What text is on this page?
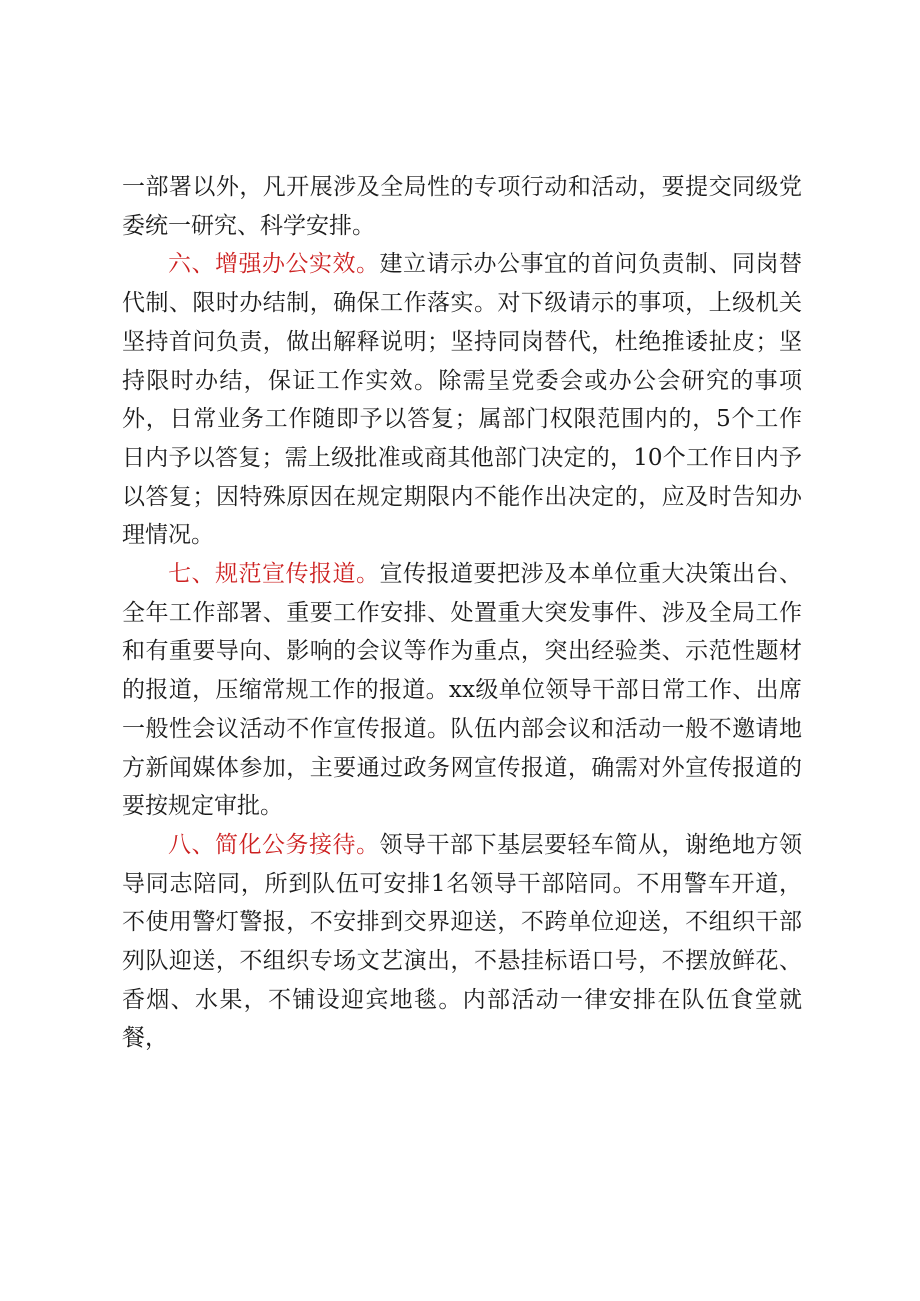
一部署以外，凡开展涉及全局性的专项行动和活动，要提交同级党委统一研究、科学安排。

六、增强办公实效。建立请示办公事宜的首问负责制、同岗替代制、限时办结制，确保工作落实。对下级请示的事项，上级机关坚持首问负责，做出解释说明；坚持同岗替代，杜绝推诿扯皮；坚持限时办结，保证工作实效。除需呈党委会或办公会研究的事项外，日常业务工作随即予以答复；属部门权限范围内的，5个工作日内予以答复；需上级批准或商其他部门决定的，10个工作日内予以答复；因特殊原因在规定期限内不能作出决定的，应及时告知办理情况。

七、规范宣传报道。宣传报道要把涉及本单位重大决策出台、全年工作部署、重要工作安排、处置重大突发事件、涉及全局工作和有重要导向、影响的会议等作为重点，突出经验类、示范性题材的报道，压缩常规工作的报道。xx级单位领导干部日常工作、出席一般性会议活动不作宣传报道。队伍内部会议和活动一般不邀请地方新闻媒体参加，主要通过政务网宣传报道，确需对外宣传报道的要按规定审批。

八、简化公务接待。领导干部下基层要轻车简从，谢绝地方领导同志陪同，所到队伍可安排1名领导干部陪同。不用警车开道，不使用警灯警报，不安排到交界迎送，不跨单位迎送，不组织干部列队迎送，不组织专场文艺演出，不悬挂标语口号，不摆放鲜花、香烟、水果，不铺设迎宾地毯。内部活动一律安排在队伍食堂就餐，
